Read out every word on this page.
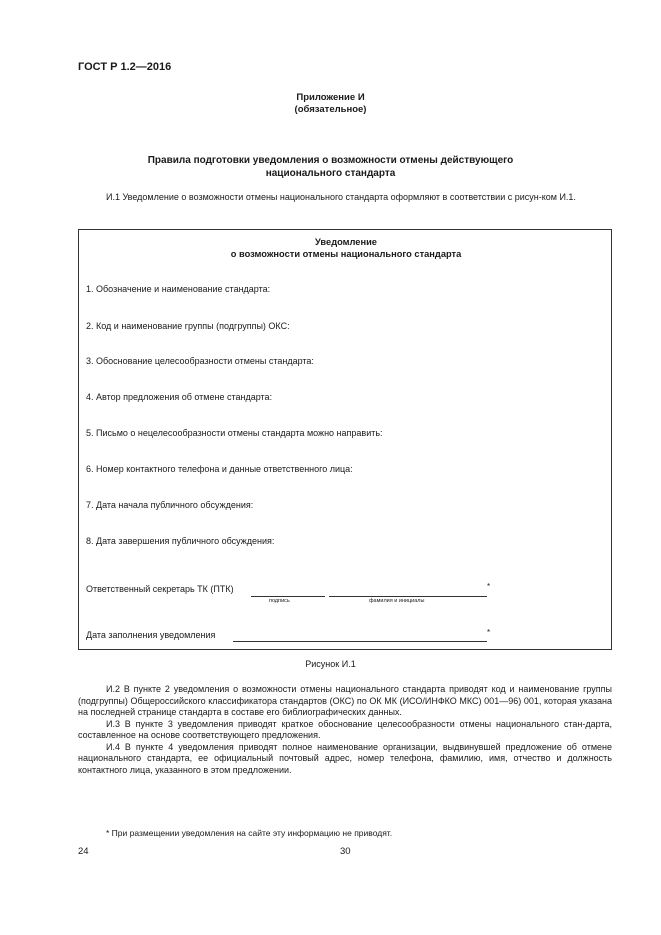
ГОСТ Р 1.2—2016
Приложение И
(обязательное)
Правила подготовки уведомления о возможности отмены действующего
национального стандарта
И.1 Уведомление о возможности отмены национального стандарта оформляют в соответствии с рисун-ком И.1.
Уведомление
о возможности отмены национального стандарта
1. Обозначение и наименование стандарта:
2. Код и наименование группы (подгруппы) ОКС:
3. Обоснование целесообразности отмены стандарта:
4. Автор предложения об отмене стандарта:
5. Письмо о нецелесообразности отмены стандарта можно направить:
6. Номер контактного телефона и данные ответственного лица:
7. Дата начала публичного обсуждения:
8. Дата завершения публичного обсуждения:
Ответственный секретарь ТК (ПТК)	*
подпись	фамилия и инициалы
Дата заполнения уведомления	*
Рисунок И.1
И.2 В пункте 2 уведомления о возможности отмены национального стандарта приводят код и наименование группы (подгруппы) Общероссийского классификатора стандартов (ОКС) по ОК МК (ИСО/ИНФКО МКС) 001—96) 001, которая указана на последней странице стандарта в составе его библиографических данных.
И.3 В пункте 3 уведомления приводят краткое обоснование целесообразности отмены национального стан-дарта, составленное на основе соответствующего предложения.
И.4 В пункте 4 уведомления приводят полное наименование организации, выдвинувшей предложение об отмене национального стандарта, ее официальный почтовый адрес, номер телефона, фамилию, имя, отчество и должность контактного лица, указанного в этом предложении.
* При размещении уведомления на сайте эту информацию не приводят.
24	30
